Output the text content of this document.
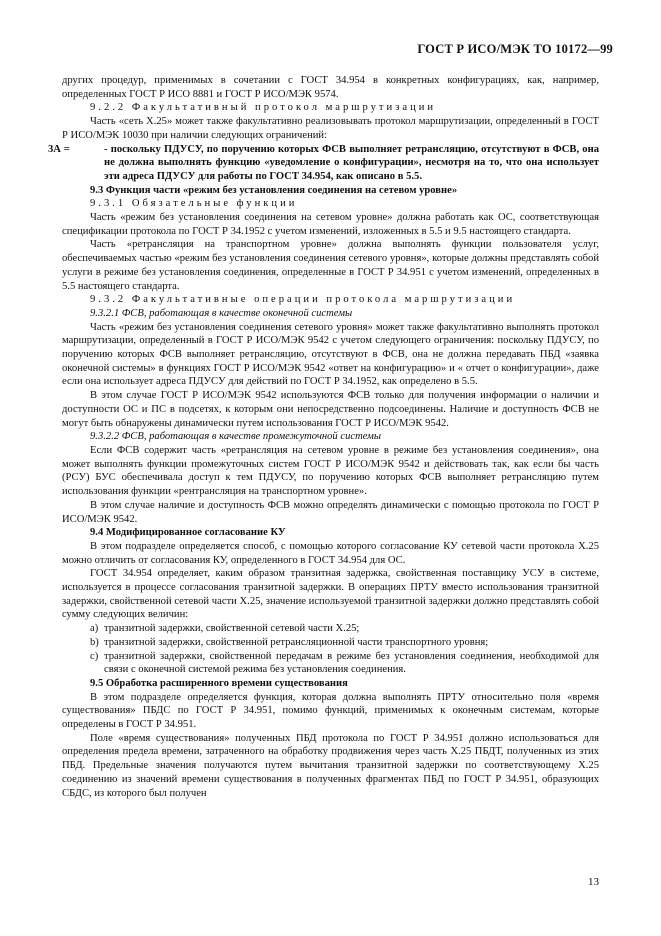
ГОСТ Р ИСО/МЭК ТО 10172—99

других процедур, применимых в сочетании с ГОСТ 34.954 в конкретных конфигурациях, как, например, определенных ГОСТ Р ИСО 8881 и ГОСТ Р ИСО/МЭК 9574.

9.2.2 Факультативный протокол маршрутизации

Часть «сеть Х.25» может также факультативно реализовывать протокол маршрутизации, определенный в ГОСТ Р ИСО/МЭК 10030 при наличии следующих ограничений:

3А =	- поскольку ПДУСУ, по поручению которых ФСВ выполняет ретрансляцию, отсутствуют в ФСВ, она не должна выполнять функцию «уведомление о конфигурации», несмотря на то, что она использует эти адреса ПДУСУ для работы по ГОСТ 34.954, как описано в 5.5.

9.3 Функция части «режим без установления соединения на сетевом уровне»

9.3.1 Обязательные функции

Часть «режим без установления соединения на сетевом уровне» должна работать как ОС, соответствующая спецификации протокола по ГОСТ Р 34.1952 с учетом изменений, изложенных в 5.5 и 9.5 настоящего стандарта.

Часть «ретрансляция на транспортном уровне» должна выполнять функции пользователя услуг, обеспечиваемых частью «режим без установления соединения сетевого уровня», которые должны представлять собой услуги в режиме без установления соединения, определенные в ГОСТ Р 34.951 с учетом изменений, определенных в 5.5 настоящего стандарта.

9.3.2 Факультативные операции протокола маршрутизации

9.3.2.1 ФСВ, работающая в качестве оконечной системы

Часть «режим без установления соединения сетевого уровня» может также факультативно выполнять протокол маршрутизации, определенный в ГОСТ Р ИСО/МЭК 9542 с учетом следующего ограничения: поскольку ПДУСУ, по поручению которых ФСВ выполняет ретрансляцию, отсутствуют в ФСВ, она не должна передавать ПБД «заявка оконечной системы» в функциях ГОСТ Р ИСО/МЭК 9542 «ответ на конфигурацию» и « отчет о конфигурации», даже если она использует адреса ПДУСУ для действий по ГОСТ Р 34.1952, как определено в 5.5.

В этом случае ГОСТ Р ИСО/МЭК 9542 используются ФСВ только для получения информации о наличии и доступности ОС и ПС в подсетях, к которым они непосредственно подсоединены. Наличие и доступность ФСВ не могут быть обнаружены динамически путем использования ГОСТ Р ИСО/МЭК 9542.

9.3.2.2 ФСВ, работающая в качестве промежуточной системы

Если ФСВ содержит часть «ретрансляция на сетевом уровне в режиме без установления соединения», она может выполнять функции промежуточных систем ГОСТ Р ИСО/МЭК 9542 и действовать так, как если бы часть (РСУ) БУС обеспечивала доступ к тем ПДУСУ, по поручению которых ФСВ выполняет ретрансляцию путем использования функции «рентрансляция на транспортном уровне».

В этом случае наличие и доступность ФСВ можно определять динамически с помощью протокола по ГОСТ Р ИСО/МЭК 9542.

9.4 Модифицированное согласование КУ

В этом подразделе определяется способ, с помощью которого согласование КУ сетевой части протокола Х.25 можно отличить от согласования КУ, определенного в ГОСТ 34.954 для ОС.

ГОСТ 34.954 определяет, каким образом транзитная задержка, свойственная поставщику УСУ в системе, используется в процессе согласования транзитной задержки. В операциях ПРТУ вместо использования транзитной задержки, свойственной сетевой части Х.25, значение используемой транзитной задержки должно представлять собой сумму следующих величин:

a) транзитной задержки, свойственной сетевой части Х.25;
b) транзитной задержки, свойственной ретрансляционной части транспортного уровня;
c) транзитной задержки, свойственной передачам в режиме без установления соединения, необходимой для связи с оконечной системой режима без установления соединения.

9.5 Обработка расширенного времени существования

В этом подразделе определяется функция, которая должна выполнять ПРТУ относительно поля «время существования» ПБДС по ГОСТ Р 34.951, помимо функций, применимых к оконечным системам, которые определены в ГОСТ Р 34.951.

Поле «время существования» полученных ПБД протокола по ГОСТ Р 34.951 должно использоваться для определения предела времени, затраченного на обработку продвижения через часть Х.25 ПБДТ, полученных из этих ПБД. Предельные значения получаются путем вычитания транзитной задержки по соответствующему Х.25 соединению из значений времени существования в полученных фрагментах ПБД по ГОСТ Р 34.951, образующих СБДС, из которого был получен

13
